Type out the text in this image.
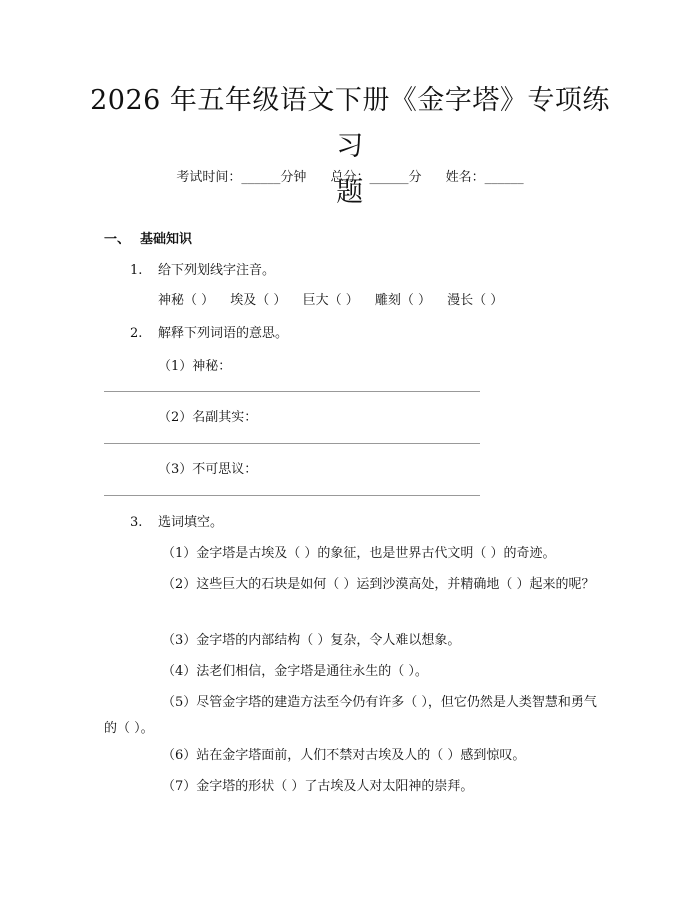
2026 年五年级语文下册《金字塔》专项练习
题
考试时间：______分钟 总分：______分 姓名：______
一、 基础知识
1. 给下列划线字注音。
神秘（ ） 埃及（ ） 巨大（ ） 雕刻（ ） 漫长（ ）
2. 解释下列词语的意思。
（1）神秘：
（2）名副其实：
（3）不可思议：
3. 选词填空。
（1）金字塔是古埃及（ ）的象征，也是世界古代文明（ ）的奇迹。
（2）这些巨大的石块是如何（ ）运到沙漠高处，并精确地（ ）起来的呢？
（3）金字塔的内部结构（ ）复杂，令人难以想象。
（4）法老们相信，金字塔是通往永生的（ ）。
（5）尽管金字塔的建造方法至今仍有许多（ ），但它仍然是人类智慧和勇气的（ ）。
（6）站在金字塔面前，人们不禁对古埃及人的（ ）感到惊叹。
（7）金字塔的形状（ ）了古埃及人对太阳神的崇拜。
